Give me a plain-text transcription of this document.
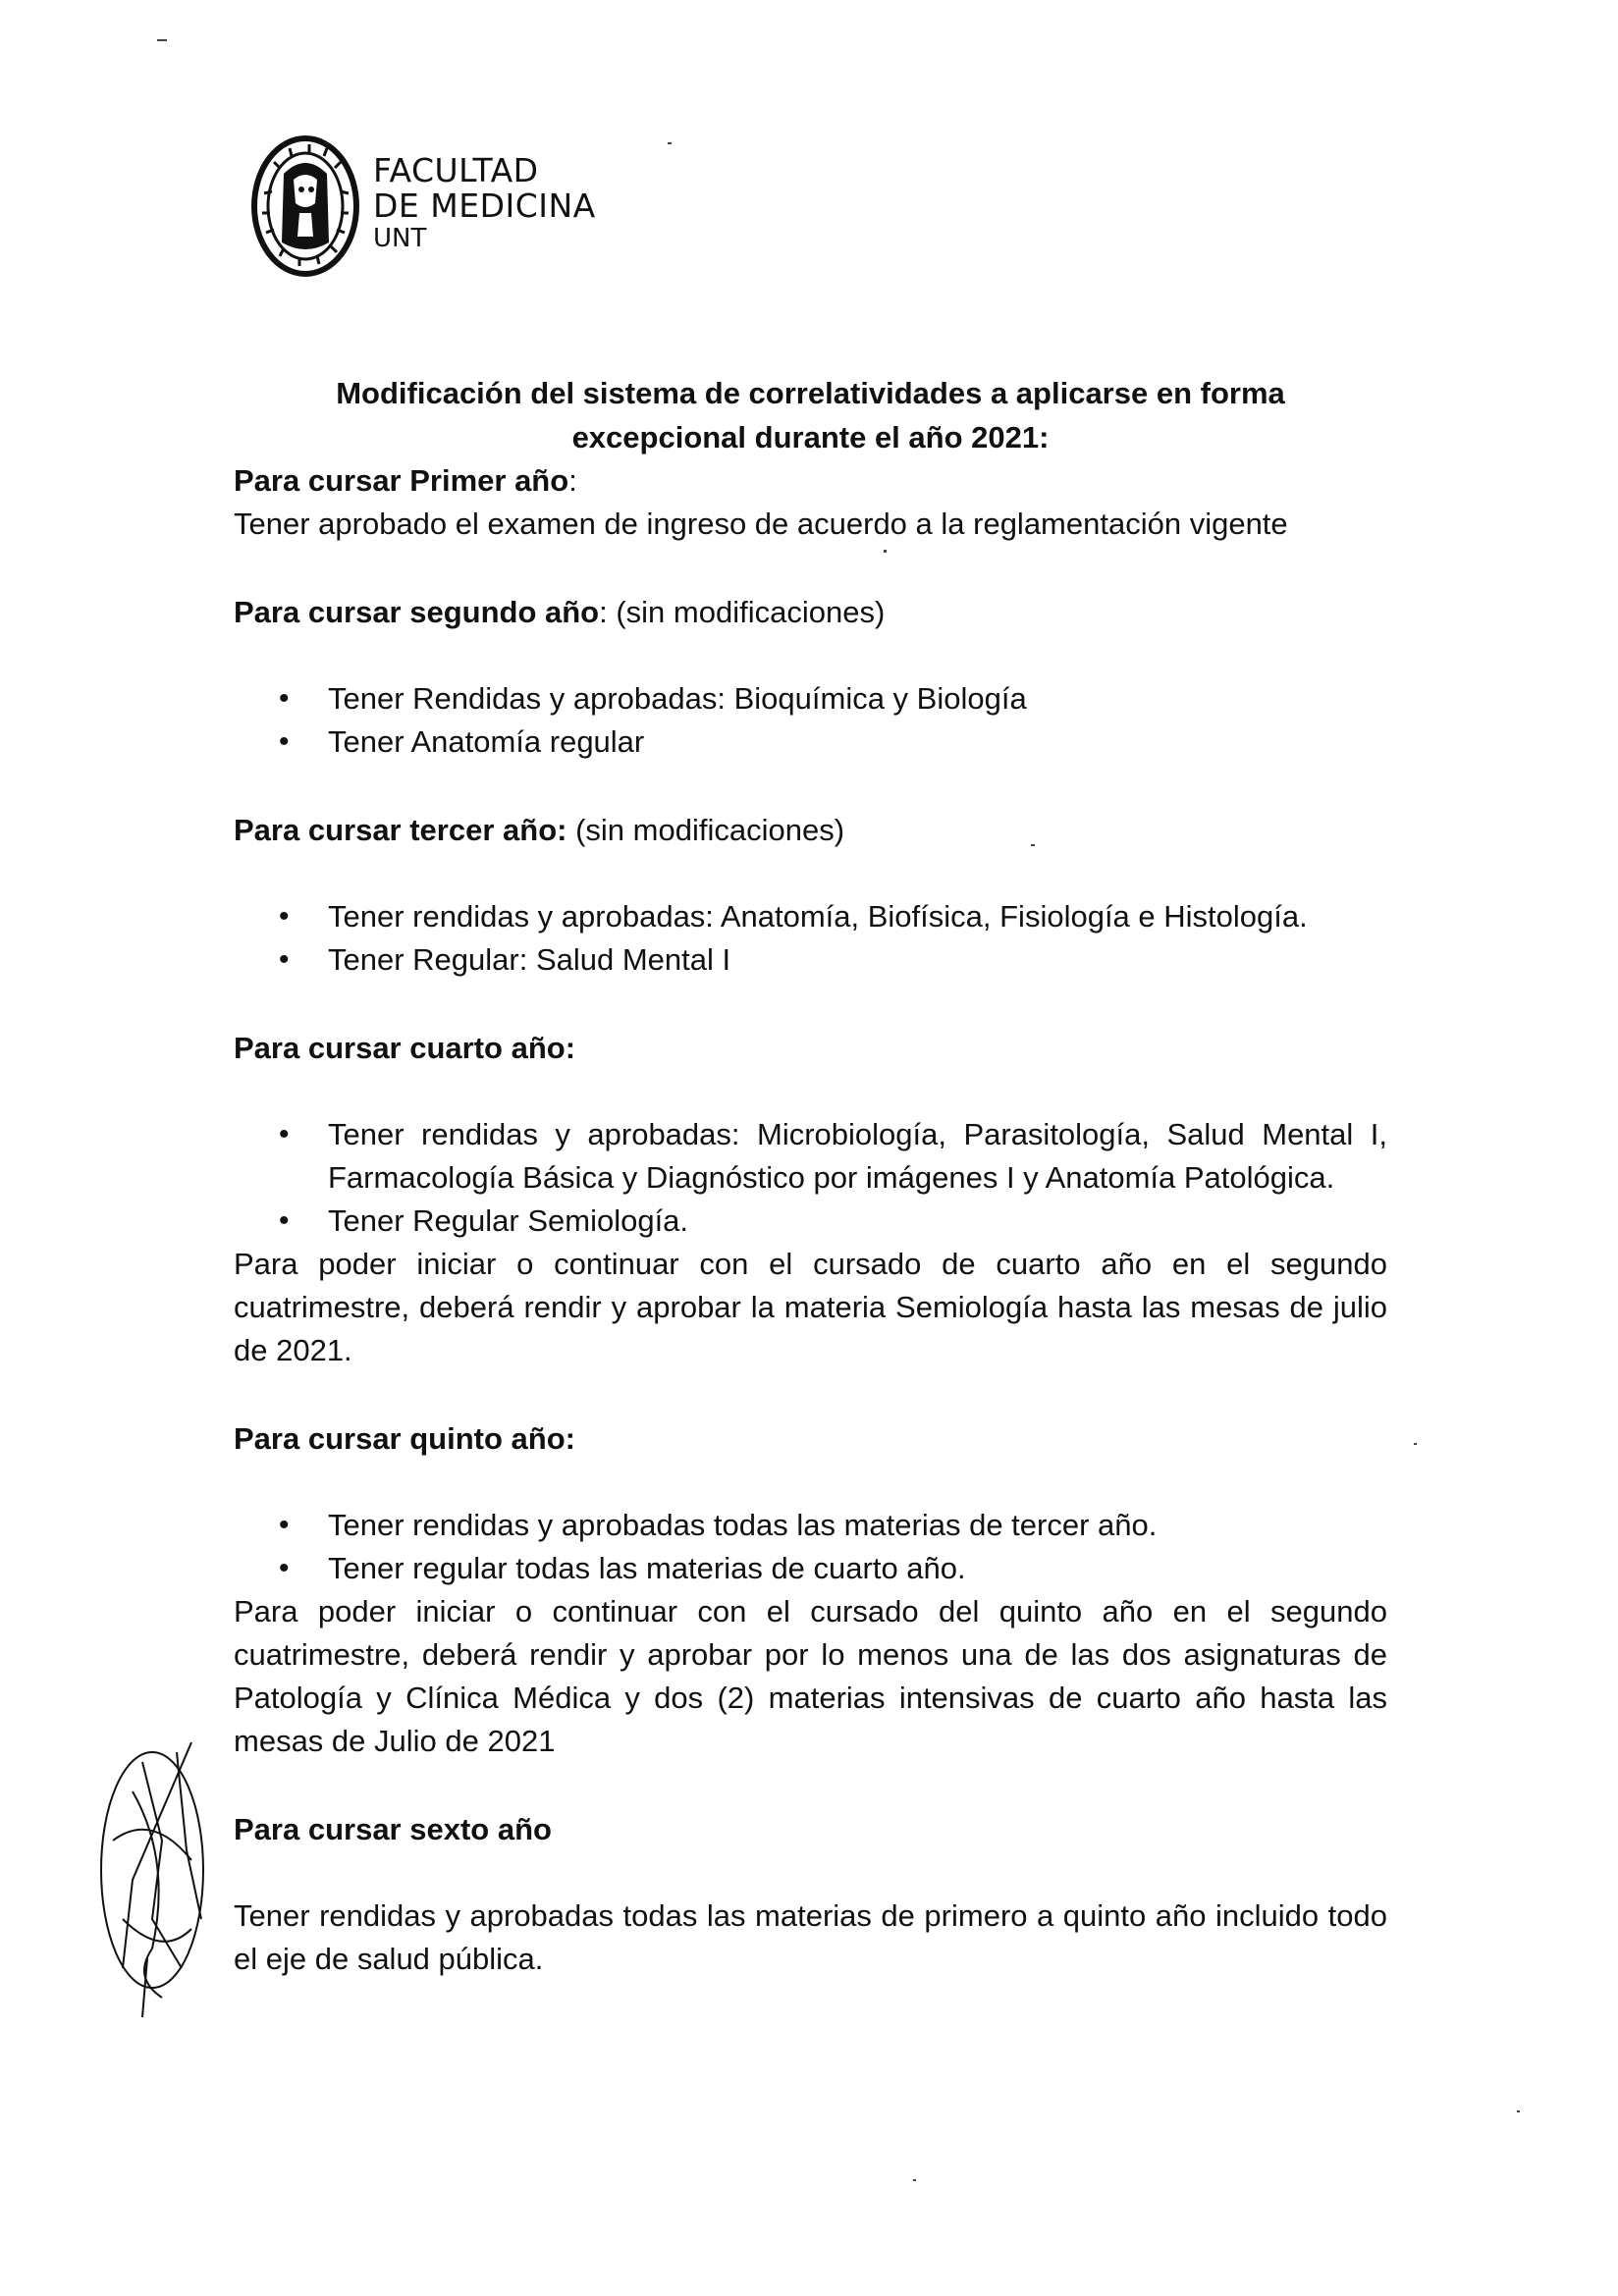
FACULTAD
DE MEDICINA
UNT

Modificación del sistema de correlatividades a aplicarse en forma

excepcional durante el año 2021:

Para cursar Primer año:

Tener aprobado el examen de ingreso de acuerdo a la reglamentación vigente

Para cursar segundo año: (sin modificaciones)

• Tener Rendidas y aprobadas: Bioquímica y Biología
• Tener Anatomía regular

Para cursar tercer año: (sin modificaciones)

• Tener rendidas y aprobadas: Anatomía, Biofísica, Fisiología e Histología.
• Tener Regular: Salud Mental I

Para cursar cuarto año:

• Tener rendidas y aprobadas: Microbiología, Parasitología, Salud Mental I, Farmacología Básica y Diagnóstico por imágenes I y Anatomía Patológica.
• Tener Regular Semiología.

Para poder iniciar o continuar con el cursado de cuarto año en el segundo cuatrimestre, deberá rendir y aprobar la materia Semiología hasta las mesas de julio de 2021.

Para cursar quinto año:

• Tener rendidas y aprobadas todas las materias de tercer año.
• Tener regular todas las materias de cuarto año.

Para poder iniciar o continuar con el cursado del quinto año en el segundo cuatrimestre, deberá rendir y aprobar por lo menos una de las dos asignaturas de Patología y Clínica Médica y dos (2) materias intensivas de cuarto año hasta las mesas de Julio de 2021

Para cursar sexto año

Tener rendidas y aprobadas todas las materias de primero a quinto año incluido todo el eje de salud pública.
